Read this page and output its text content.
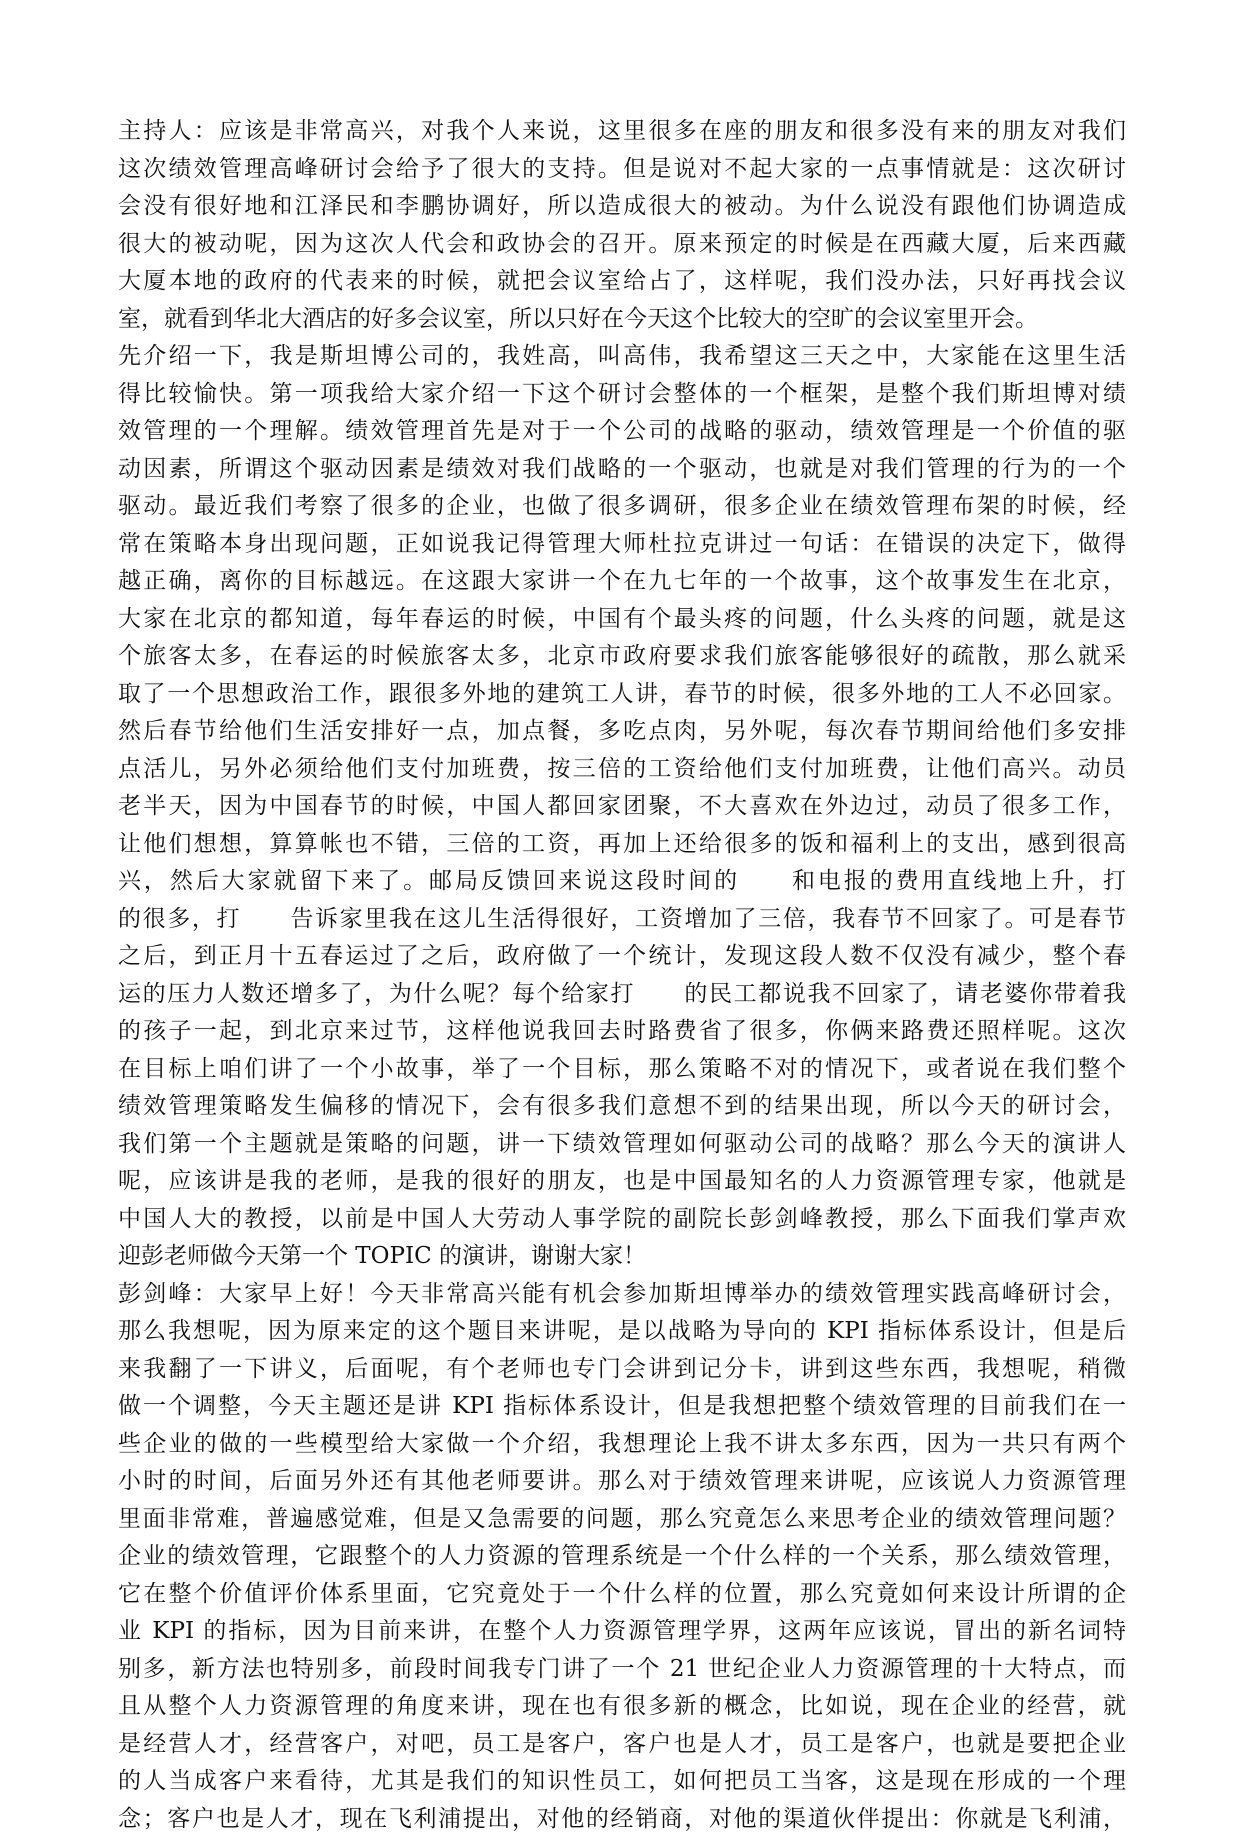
主持人：应该是非常高兴，对我个人来说，这里很多在座的朋友和很多没有来的朋友对我们
这次绩效管理高峰研讨会给予了很大的支持。但是说对不起大家的一点事情就是：这次研讨
会没有很好地和江泽民和李鹏协调好，所以造成很大的被动。为什么说没有跟他们协调造成
很大的被动呢，因为这次人代会和政协会的召开。原来预定的时候是在西藏大厦，后来西藏
大厦本地的政府的代表来的时候，就把会议室给占了，这样呢，我们没办法，只好再找会议
室，就看到华北大酒店的好多会议室，所以只好在今天这个比较大的空旷的会议室里开会。
先介绍一下，我是斯坦博公司的，我姓高，叫高伟，我希望这三天之中，大家能在这里生活
得比较愉快。第一项我给大家介绍一下这个研讨会整体的一个框架，是整个我们斯坦博对绩
效管理的一个理解。绩效管理首先是对于一个公司的战略的驱动，绩效管理是一个价值的驱
动因素，所谓这个驱动因素是绩效对我们战略的一个驱动，也就是对我们管理的行为的一个
驱动。最近我们考察了很多的企业，也做了很多调研，很多企业在绩效管理布架的时候，经
常在策略本身出现问题，正如说我记得管理大师杜拉克讲过一句话：在错误的决定下，做得
越正确，离你的目标越远。在这跟大家讲一个在九七年的一个故事，这个故事发生在北京，
大家在北京的都知道，每年春运的时候，中国有个最头疼的问题，什么头疼的问题，就是这
个旅客太多，在春运的时候旅客太多，北京市政府要求我们旅客能够很好的疏散，那么就采
取了一个思想政治工作，跟很多外地的建筑工人讲，春节的时候，很多外地的工人不必回家。
然后春节给他们生活安排好一点，加点餐，多吃点肉，另外呢，每次春节期间给他们多安排
点活儿，另外必须给他们支付加班费，按三倍的工资给他们支付加班费，让他们高兴。动员
老半天，因为中国春节的时候，中国人都回家团聚，不大喜欢在外边过，动员了很多工作，
让他们想想，算算帐也不错，三倍的工资，再加上还给很多的饭和福利上的支出，感到很高
兴，然后大家就留下来了。邮局反馈回来说这段时间的　　和电报的费用直线地上升，打
的很多，打　　告诉家里我在这儿生活得很好，工资增加了三倍，我春节不回家了。可是春节
之后，到正月十五春运过了之后，政府做了一个统计，发现这段人数不仅没有减少，整个春
运的压力人数还增多了，为什么呢？每个给家打　　的民工都说我不回家了，请老婆你带着我
的孩子一起，到北京来过节，这样他说我回去时路费省了很多，你俩来路费还照样呢。这次
在目标上咱们讲了一个小故事，举了一个目标，那么策略不对的情况下，或者说在我们整个
绩效管理策略发生偏移的情况下，会有很多我们意想不到的结果出现，所以今天的研讨会，
我们第一个主题就是策略的问题，讲一下绩效管理如何驱动公司的战略？那么今天的演讲人
呢，应该讲是我的老师，是我的很好的朋友，也是中国最知名的人力资源管理专家，他就是
中国人大的教授，以前是中国人大劳动人事学院的副院长彭剑峰教授，那么下面我们掌声欢
迎彭老师做今天第一个 TOPIC 的演讲，谢谢大家！
彭剑峰：大家早上好！今天非常高兴能有机会参加斯坦博举办的绩效管理实践高峰研讨会，
那么我想呢，因为原来定的这个题目来讲呢，是以战略为导向的 KPI 指标体系设计，但是后
来我翻了一下讲义，后面呢，有个老师也专门会讲到记分卡，讲到这些东西，我想呢，稍微
做一个调整，今天主题还是讲 KPI 指标体系设计，但是我想把整个绩效管理的目前我们在一
些企业的做的一些模型给大家做一个介绍，我想理论上我不讲太多东西，因为一共只有两个
小时的时间，后面另外还有其他老师要讲。那么对于绩效管理来讲呢，应该说人力资源管理
里面非常难，普遍感觉难，但是又急需要的问题，那么究竟怎么来思考企业的绩效管理问题？
企业的绩效管理，它跟整个的人力资源的管理系统是一个什么样的一个关系，那么绩效管理，
它在整个价值评价体系里面，它究竟处于一个什么样的位置，那么究竟如何来设计所谓的企
业 KPI 的指标，因为目前来讲，在整个人力资源管理学界，这两年应该说，冒出的新名词特
别多，新方法也特别多，前段时间我专门讲了一个 21 世纪企业人力资源管理的十大特点，而
且从整个人力资源管理的角度来讲，现在也有很多新的概念，比如说，现在企业的经营，就
是经营人才，经营客户，对吧，员工是客户，客户也是人才，员工是客户，也就是要把企业
的人当成客户来看待，尤其是我们的知识性员工，如何把员工当客，这是现在形成的一个理
念；客户也是人才，现在飞利浦提出，对他的经销商，对他的渠道伙伴提出：你就是飞利浦，
